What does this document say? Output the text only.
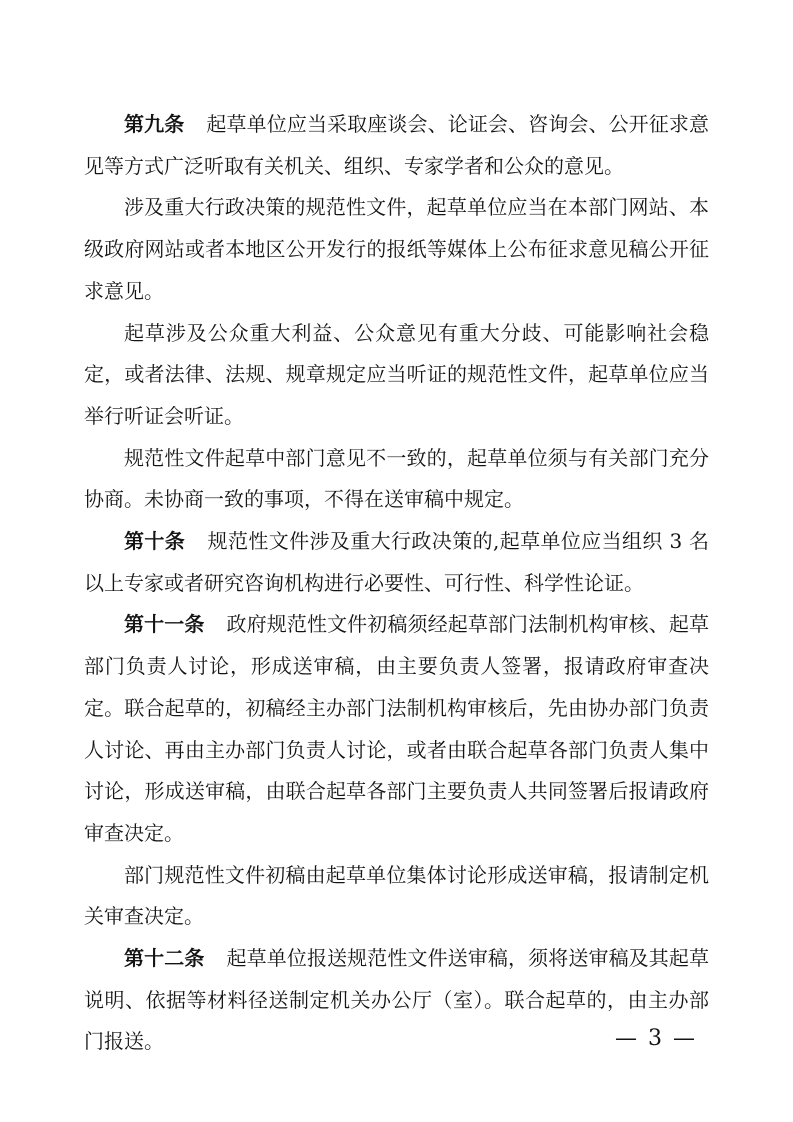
第九条 起草单位应当采取座谈会、论证会、咨询会、公开征求意见等方式广泛听取有关机关、组织、专家学者和公众的意见。

涉及重大行政决策的规范性文件，起草单位应当在本部门网站、本级政府网站或者本地区公开发行的报纸等媒体上公布征求意见稿公开征求意见。

起草涉及公众重大利益、公众意见有重大分歧、可能影响社会稳定，或者法律、法规、规章规定应当听证的规范性文件，起草单位应当举行听证会听证。

规范性文件起草中部门意见不一致的，起草单位须与有关部门充分协商。未协商一致的事项，不得在送审稿中规定。

第十条 规范性文件涉及重大行政决策的,起草单位应当组织 3 名以上专家或者研究咨询机构进行必要性、可行性、科学性论证。

第十一条 政府规范性文件初稿须经起草部门法制机构审核、起草部门负责人讨论，形成送审稿，由主要负责人签署，报请政府审查决定。联合起草的，初稿经主办部门法制机构审核后，先由协办部门负责人讨论、再由主办部门负责人讨论，或者由联合起草各部门负责人集中讨论，形成送审稿，由联合起草各部门主要负责人共同签署后报请政府审查决定。

部门规范性文件初稿由起草单位集体讨论形成送审稿，报请制定机关审查决定。

第十二条 起草单位报送规范性文件送审稿，须将送审稿及其起草说明、依据等材料径送制定机关办公厅（室）。联合起草的，由主办部门报送。	— 3 —
